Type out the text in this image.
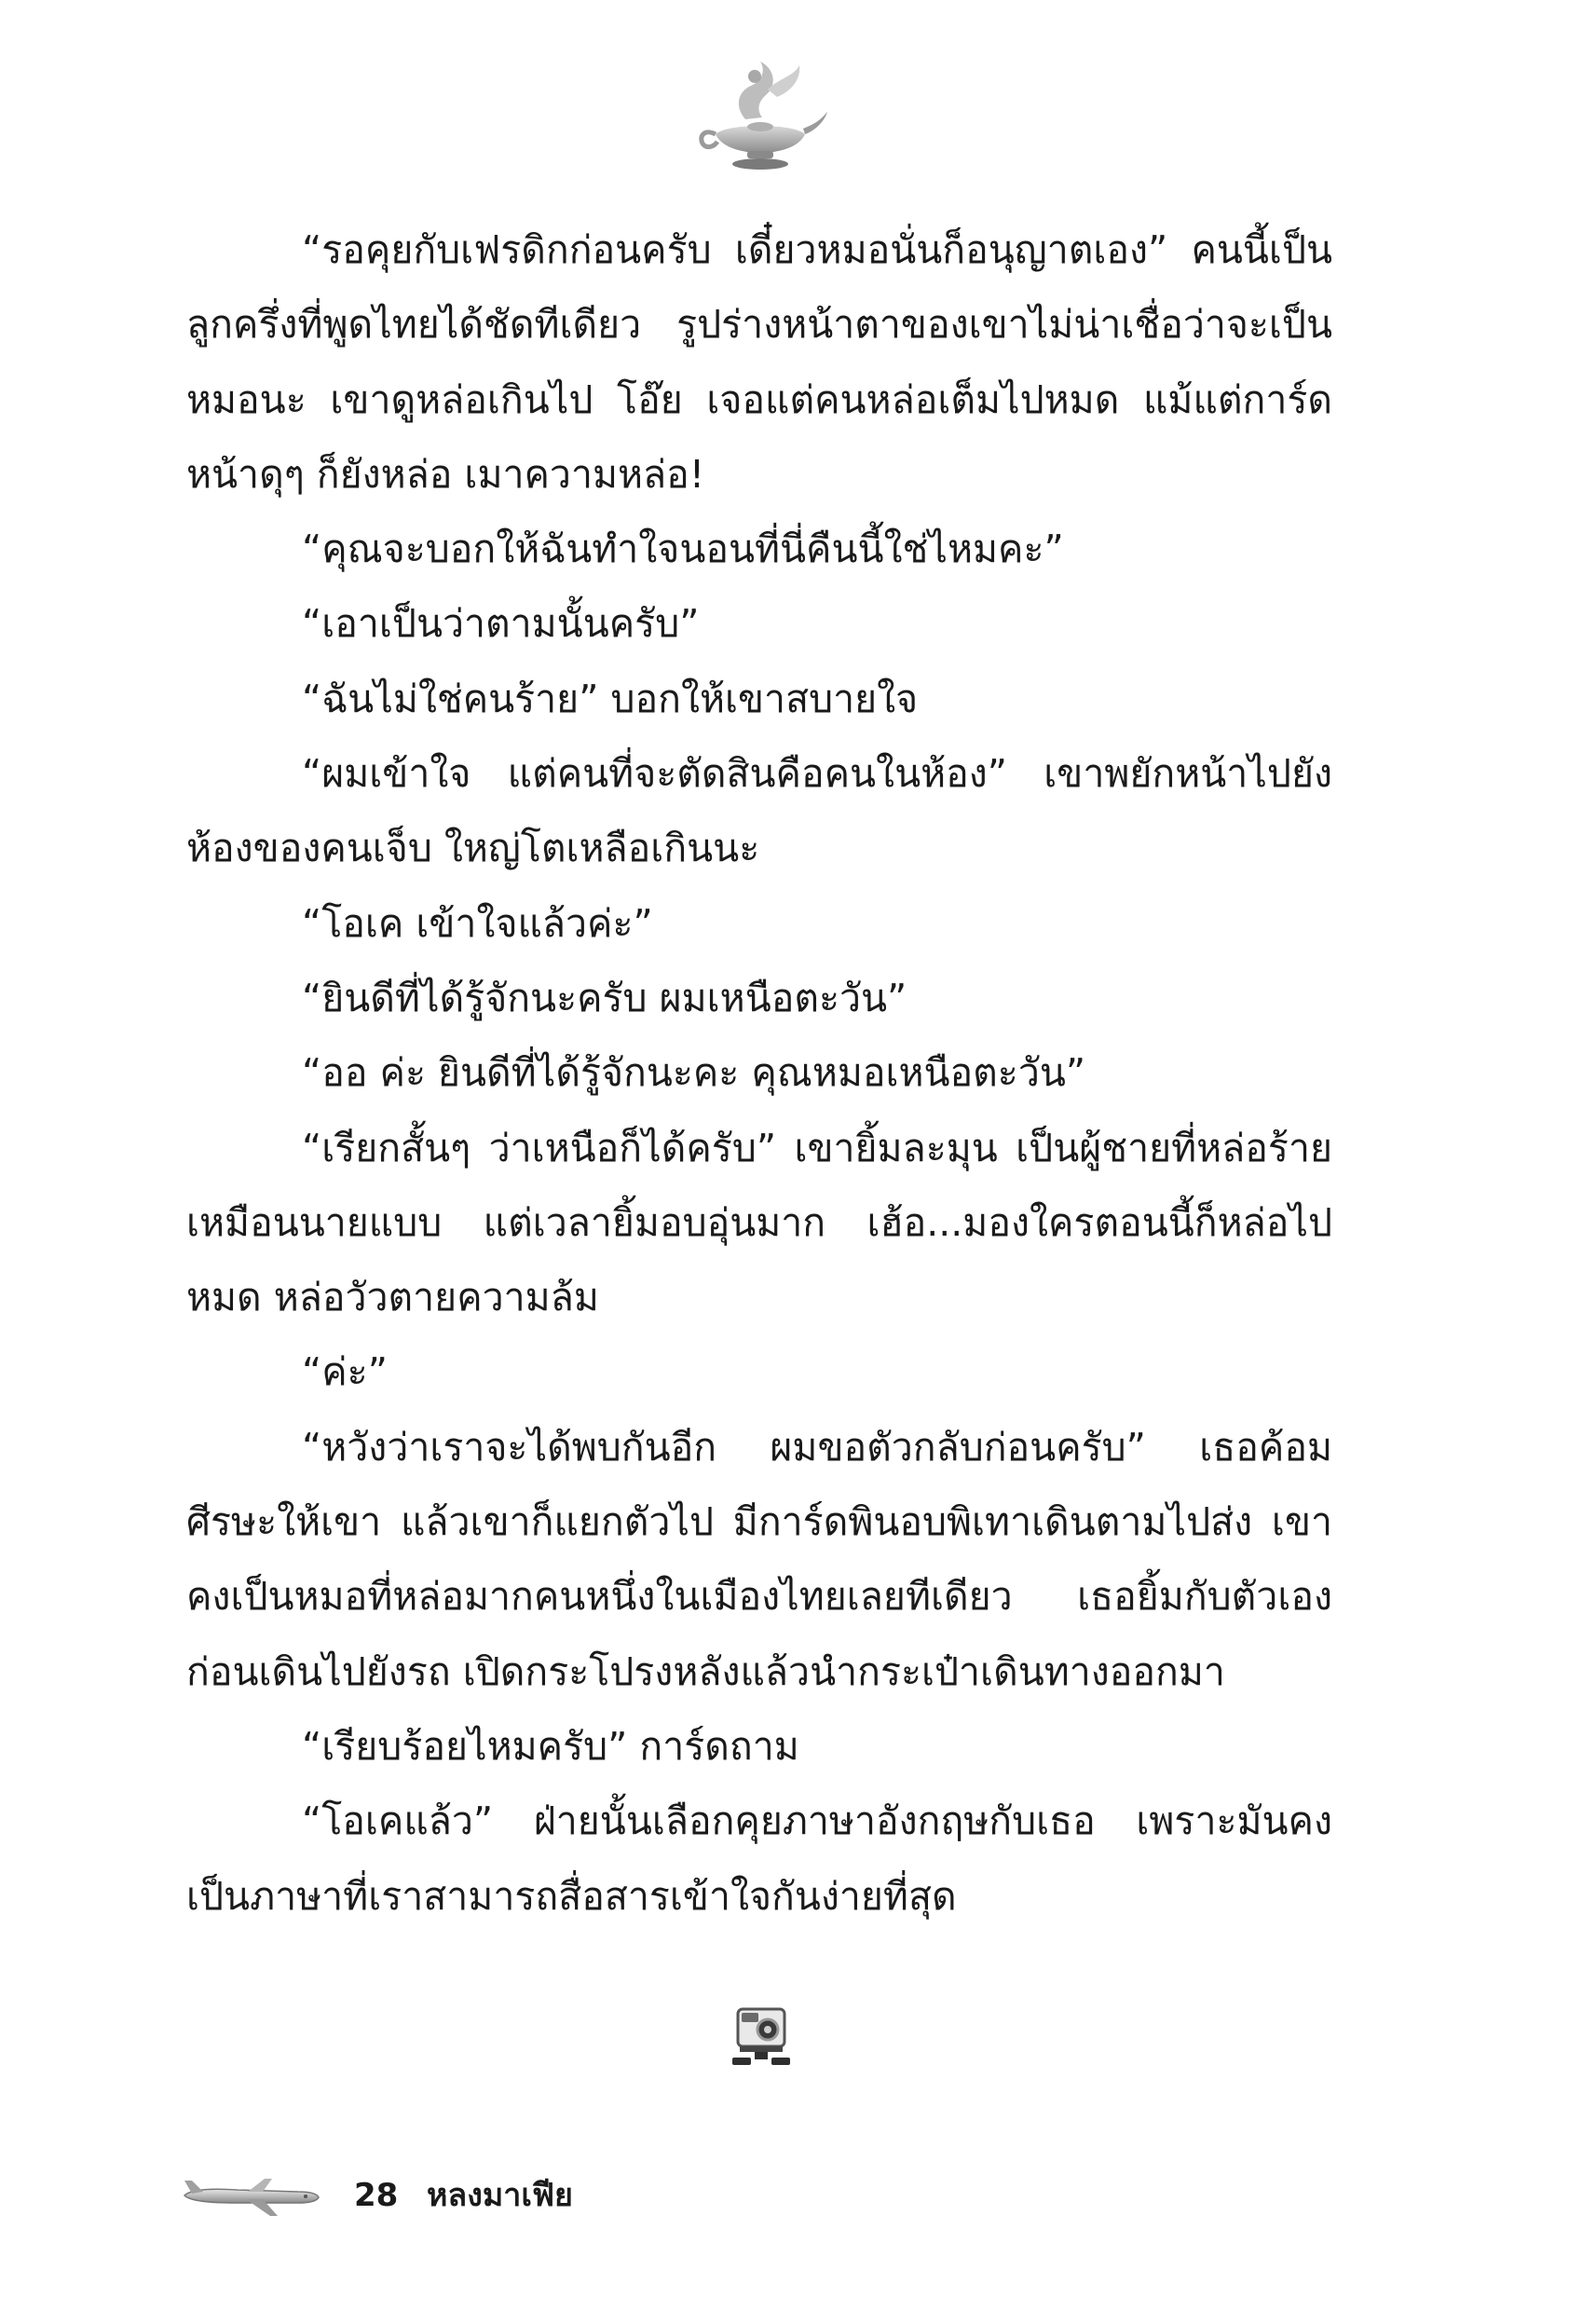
“รอคุยกับเฟรดิกก่อนครับ เดี๋ยวหมอนั่นก็อนุญาตเอง” คนนี้เป็นลูกครึ่งที่พูดไทยได้ชัดทีเดียว รูปร่างหน้าตาของเขาไม่น่าเชื่อว่าจะเป็นหมอนะ เขาดูหล่อเกินไป โอ๊ย เจอแต่คนหล่อเต็มไปหมด แม้แต่การ์ดหน้าดุๆ ก็ยังหล่อ เมาความหล่อ!

“คุณจะบอกให้ฉันทำใจนอนที่นี่คืนนี้ใช่ไหมคะ”

“เอาเป็นว่าตามนั้นครับ”

“ฉันไม่ใช่คนร้าย” บอกให้เขาสบายใจ

“ผมเข้าใจ แต่คนที่จะตัดสินคือคนในห้อง” เขาพยักหน้าไปยังห้องของคนเจ็บ ใหญ่โตเหลือเกินนะ

“โอเค เข้าใจแล้วค่ะ”

“ยินดีที่ได้รู้จักนะครับ ผมเหนือตะวัน”

“ออ ค่ะ ยินดีที่ได้รู้จักนะคะ คุณหมอเหนือตะวัน”

“เรียกสั้นๆ ว่าเหนือก็ได้ครับ” เขายิ้มละมุน เป็นผู้ชายที่หล่อร้ายเหมือนนายแบบ แต่เวลายิ้มอบอุ่นมาก เฮ้อ...มองใครตอนนี้ก็หล่อไปหมด หล่อวัวตายความล้ม

“ค่ะ”

“หวังว่าเราจะได้พบกันอีก ผมขอตัวกลับก่อนครับ” เธอค้อมศีรษะให้เขา แล้วเขาก็แยกตัวไป มีการ์ดพินอบพิเทาเดินตามไปส่ง เขาคงเป็นหมอที่หล่อมากคนหนึ่งในเมืองไทยเลยทีเดียว เธอยิ้มกับตัวเองก่อนเดินไปยังรถ เปิดกระโปรงหลังแล้วนำกระเป๋าเดินทางออกมา

“เรียบร้อยไหมครับ” การ์ดถาม

“โอเคแล้ว” ฝ่ายนั้นเลือกคุยภาษาอังกฤษกับเธอ เพราะมันคงเป็นภาษาที่เราสามารถสื่อสารเข้าใจกันง่ายที่สุด

28 หลงมาเฟีย
